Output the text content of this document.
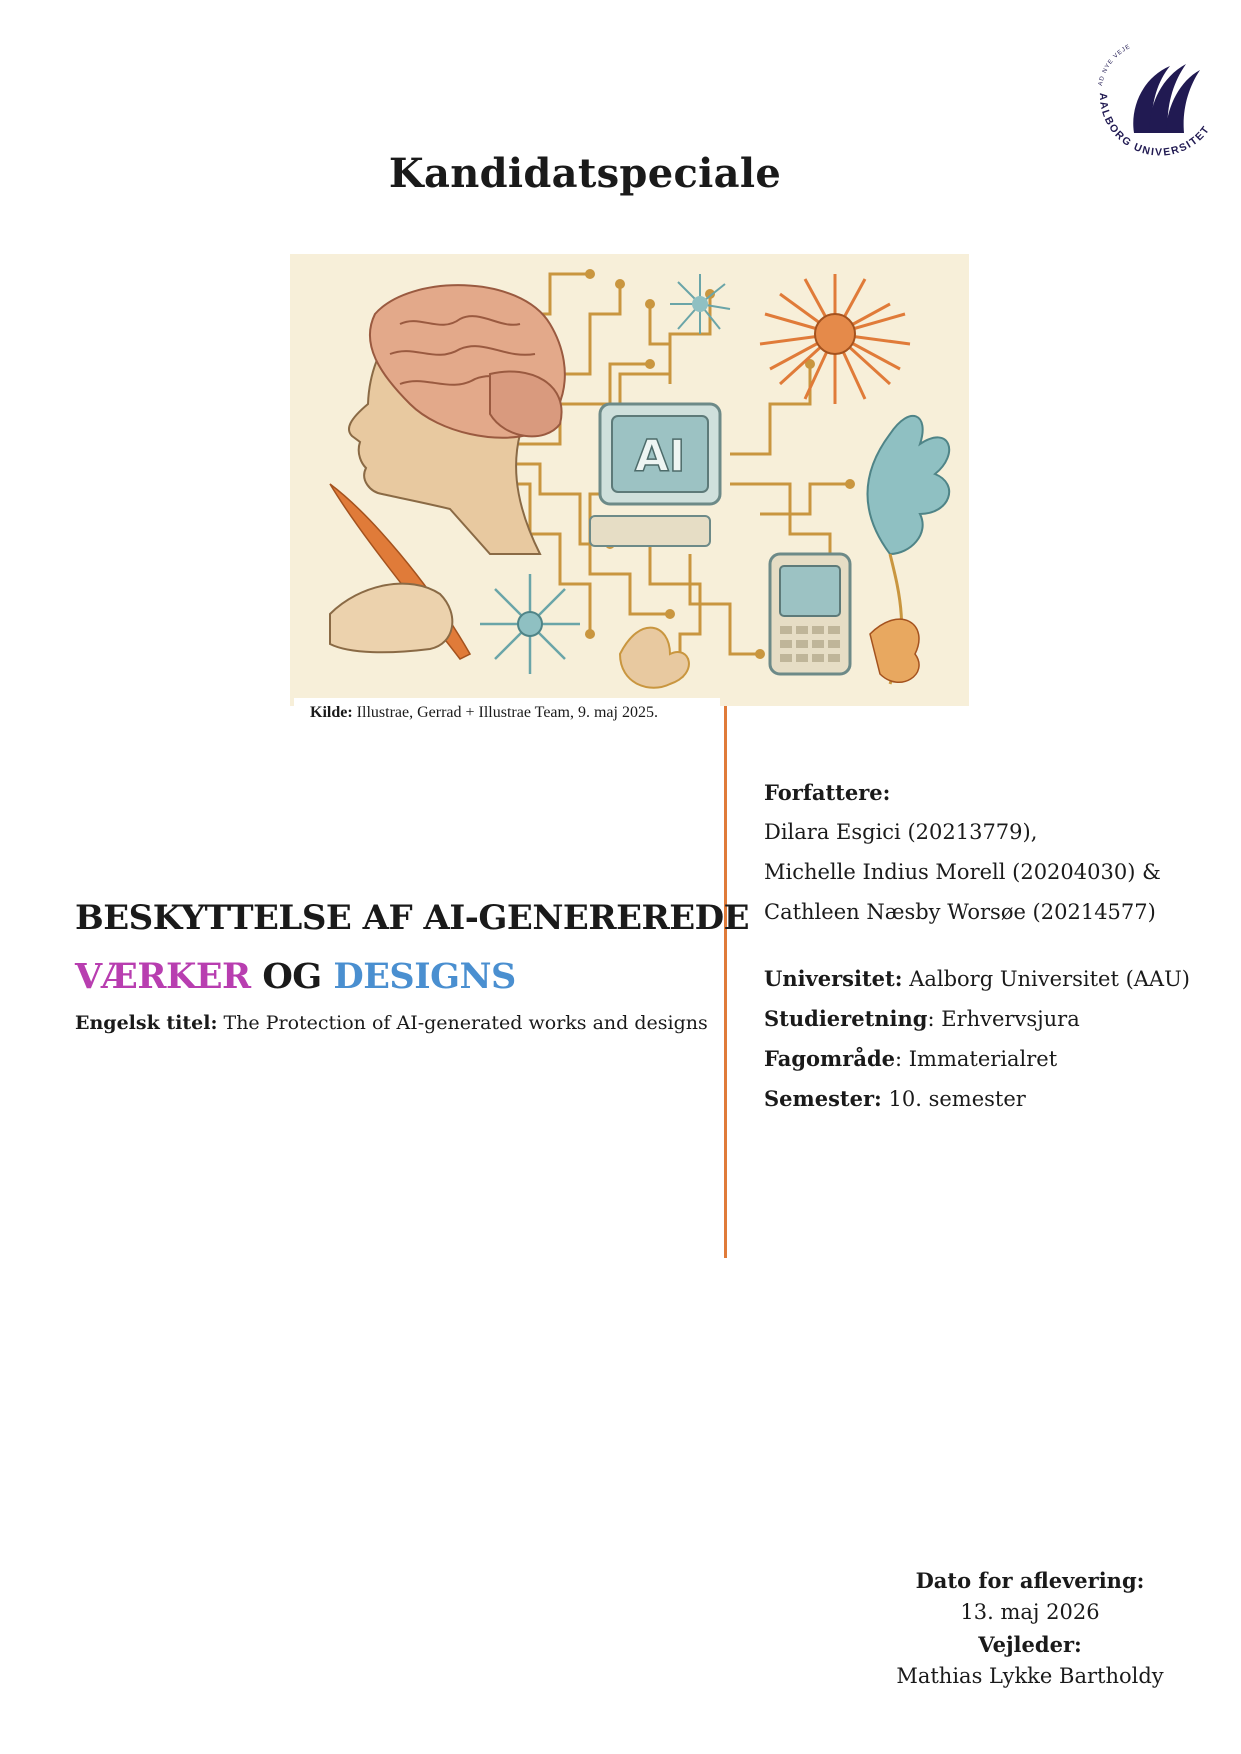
AALBORG UNIVERSITET
AD NYE VEJE
Kandidatspeciale
AI
Kilde: Illustrae, Gerrad + Illustrae Team, 9. maj 2025.
BESKYTTELSE AF AI-GENEREREDE
VÆRKER OG DESIGNS
Engelsk titel: The Protection of AI-generated works and designs
Forfattere:
Dilara Esgici (20213779),
Michelle Indius Morell (20204030) &
Cathleen Næsby Worsøe (20214577)
Universitet: Aalborg Universitet (AAU)
Studieretning: Erhvervsjura
Fagområde: Immaterialret
Semester: 10. semester
Dato for aflevering:
13. maj 2026
Vejleder:
Mathias Lykke Bartholdy
